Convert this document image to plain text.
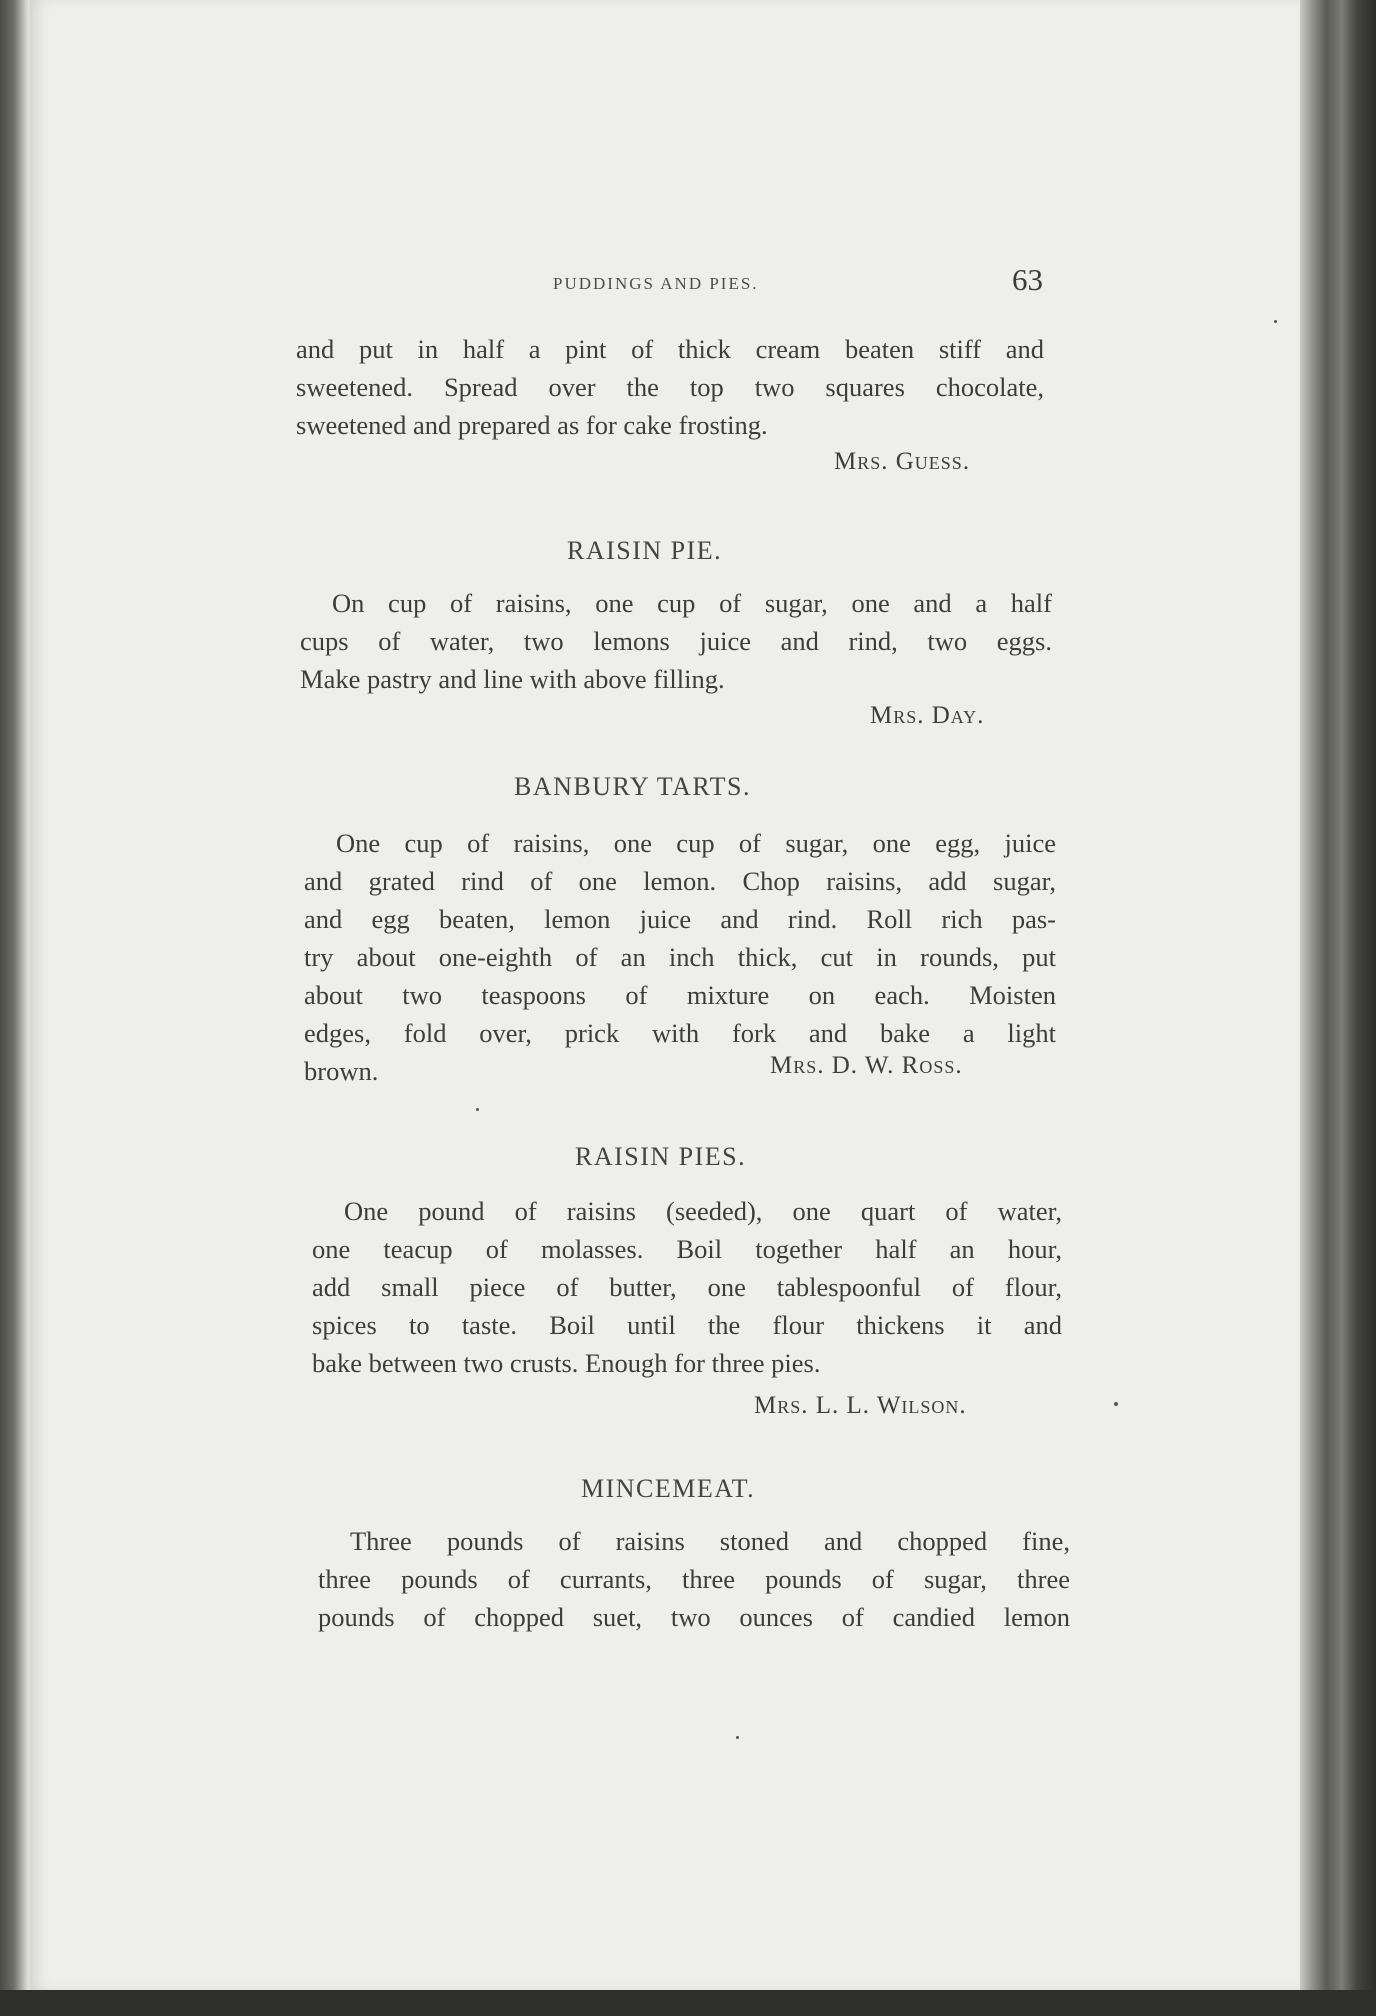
PUDDINGS AND PIES.	63
and put in half a pint of thick cream beaten stiff and
sweetened. Spread over the top two squares chocolate,
sweetened and prepared as for cake frosting.
Mrs. Guess.
RAISIN PIE.
On cup of raisins, one cup of sugar, one and a half
cups of water, two lemons juice and rind, two eggs.
Make pastry and line with above filling.
Mrs. Day.
BANBURY TARTS.
One cup of raisins, one cup of sugar, one egg, juice
and grated rind of one lemon. Chop raisins, add sugar,
and egg beaten, lemon juice and rind. Roll rich pas-
try about one-eighth of an inch thick, cut in rounds, put
about two teaspoons of mixture on each. Moisten
edges, fold over, prick with fork and bake a light
brown.	Mrs. D. W. Ross.
RAISIN PIES.
One pound of raisins (seeded), one quart of water,
one teacup of molasses. Boil together half an hour,
add small piece of butter, one tablespoonful of flour,
spices to taste. Boil until the flour thickens it and
bake between two crusts. Enough for three pies.
Mrs. L. L. Wilson.
MINCEMEAT.
Three pounds of raisins stoned and chopped fine,
three pounds of currants, three pounds of sugar, three
pounds of chopped suet, two ounces of candied lemon
